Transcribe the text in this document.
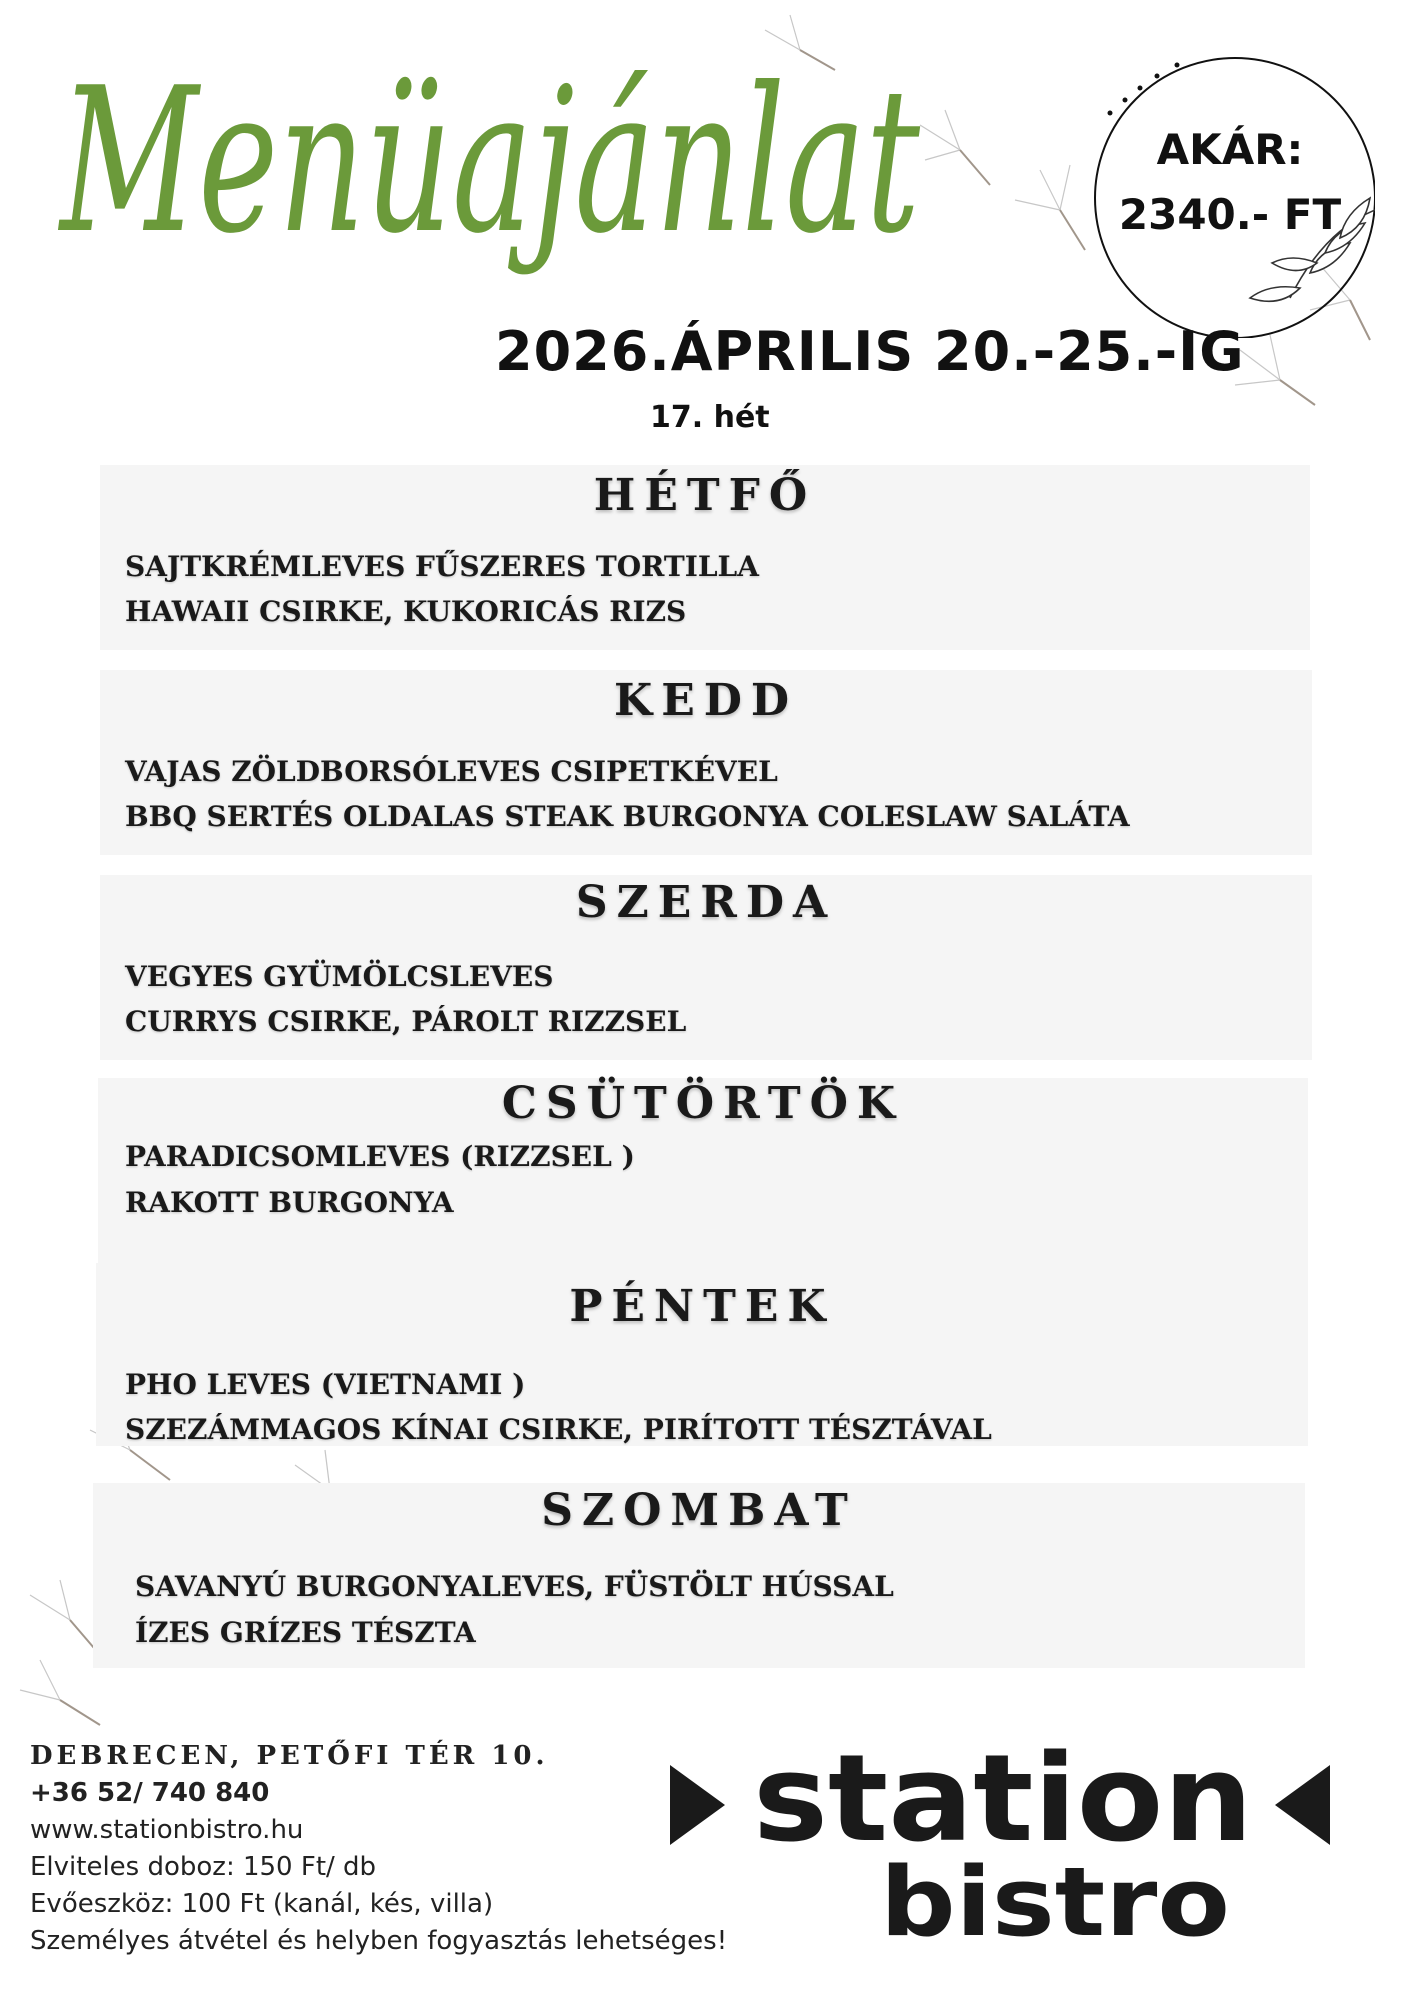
Menüajánlat	AKÁR:
2340.- FT
2026.ÁPRILIS 20.-25.-IG
17. hét
HÉTFŐ
SAJTKRÉMLEVES FŰSZERES TORTILLA
HAWAII CSIRKE, KUKORICÁS RIZS
KEDD
VAJAS ZÖLDBORSÓLEVES CSIPETKÉVEL
BBQ SERTÉS OLDALAS STEAK BURGONYA COLESLAW SALÁTA
SZERDA
VEGYES GYÜMÖLCSLEVES
CURRYS CSIRKE, PÁROLT RIZZSEL
CSÜTÖRTÖK
PARADICSOMLEVES (RIZZSEL )
RAKOTT BURGONYA
PÉNTEK
PHO LEVES (VIETNAMI )
SZEZÁMMAGOS KÍNAI CSIRKE, PIRÍTOTT TÉSZTÁVAL
SZOMBAT
SAVANYÚ BURGONYALEVES, FÜSTÖLT HÚSSAL
ÍZES GRÍZES TÉSZTA
DEBRECEN, PETŐFI TÉR 10.
+36 52/ 740 840
www.stationbistro.hu
Elviteles doboz: 150 Ft/ db
Evőeszköz: 100 Ft (kanál, kés, villa)
Személyes átvétel és helyben fogyasztás lehetséges!
station
bistro
